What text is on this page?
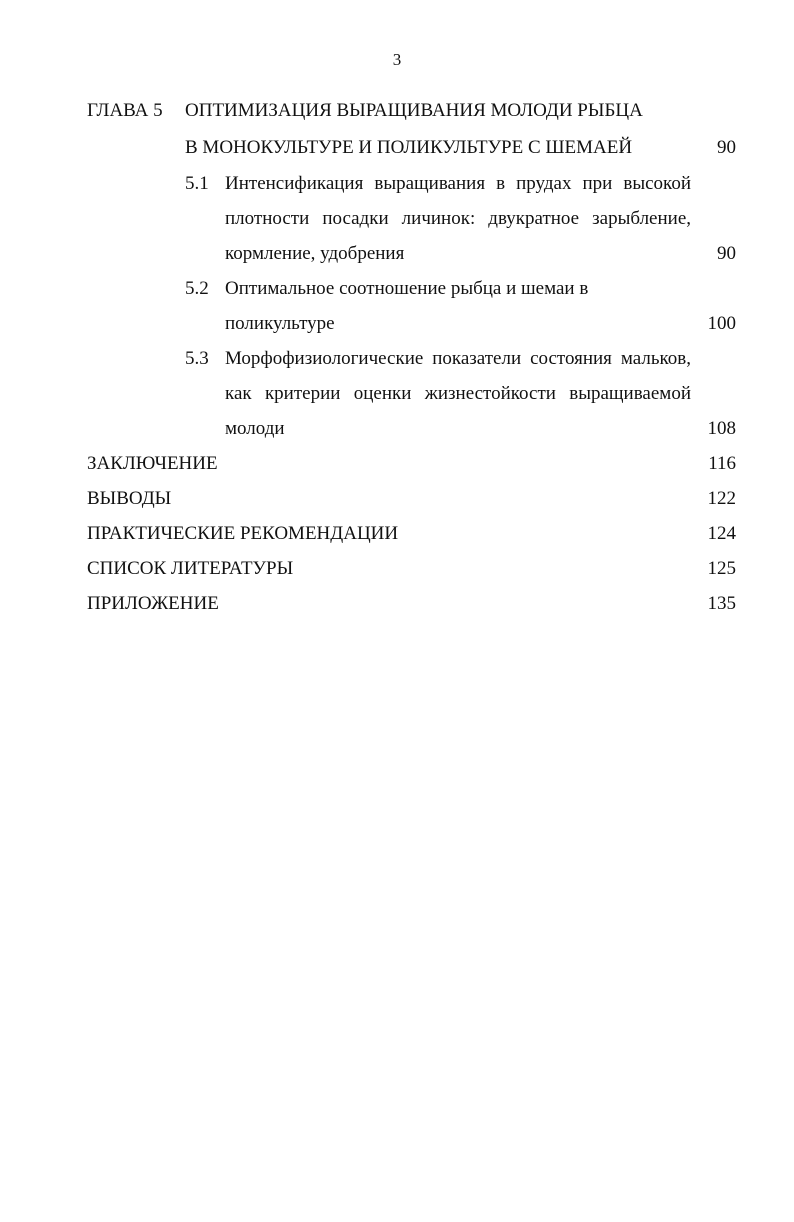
3
ГЛАВА 5 ОПТИМИЗАЦИЯ ВЫРАЩИВАНИЯ МОЛОДИ РЫБЦА
В МОНОКУЛЬТУРЕ И ПОЛИКУЛЬТУРЕ С ШЕМАЕЙ	90
5.1 Интенсификация выращивания в прудах при высокой
плотности посадки личинок: двукратное зарыбление,
кормление, удобрения	90
5.2 Оптимальное соотношение рыбца и шемаи в
поликультуре	100
5.3 Морфофизиологические показатели состояния мальков,
как критерии оценки жизнестойкости выращиваемой
молоди	108
ЗАКЛЮЧЕНИЕ	116
ВЫВОДЫ	122
ПРАКТИЧЕСКИЕ РЕКОМЕНДАЦИИ	124
СПИСОК ЛИТЕРАТУРЫ	125
ПРИЛОЖЕНИЕ	135
